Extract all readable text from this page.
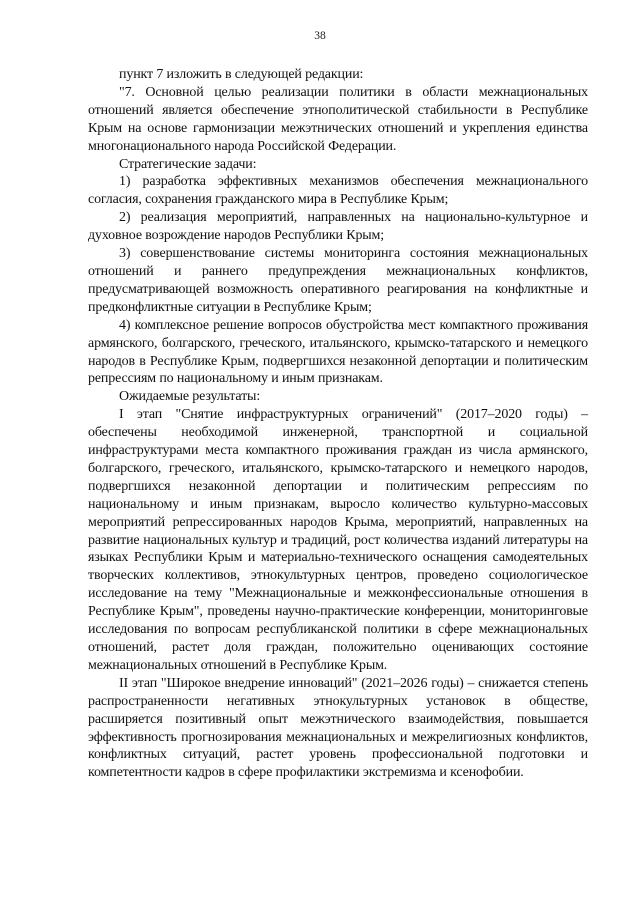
38

пункт 7 изложить в следующей редакции:

"7. Основной целью реализации политики в области межнациональных отношений является обеспечение этнополитической стабильности в Республике Крым на основе гармонизации межэтнических отношений и укрепления единства многонационального народа Российской Федерации.

Стратегические задачи:

1) разработка эффективных механизмов обеспечения межнационального согласия, сохранения гражданского мира в Республике Крым;

2) реализация мероприятий, направленных на национально-культурное и духовное возрождение народов Республики Крым;

3) совершенствование системы мониторинга состояния межнациональных отношений и раннего предупреждения межнациональных конфликтов, предусматривающей возможность оперативного реагирования на конфликтные и предконфликтные ситуации в Республике Крым;

4) комплексное решение вопросов обустройства мест компактного проживания армянского, болгарского, греческого, итальянского, крымско-татарского и немецкого народов в Республике Крым, подвергшихся незаконной депортации и политическим репрессиям по национальному и иным признакам.

Ожидаемые результаты:

I этап "Снятие инфраструктурных ограничений" (2017–2020 годы) – обеспечены необходимой инженерной, транспортной и социальной инфраструктурами места компактного проживания граждан из числа армянского, болгарского, греческого, итальянского, крымско-татарского и немецкого народов, подвергшихся незаконной депортации и политическим репрессиям по национальному и иным признакам, выросло количество культурно-массовых мероприятий репрессированных народов Крыма, мероприятий, направленных на развитие национальных культур и традиций, рост количества изданий литературы на языках Республики Крым и материально-технического оснащения самодеятельных творческих коллективов, этнокультурных центров, проведено социологическое исследование на тему "Межнациональные и межконфессиональные отношения в Республике Крым", проведены научно-практические конференции, мониторинговые исследования по вопросам республиканской политики в сфере межнациональных отношений, растет доля граждан, положительно оценивающих состояние межнациональных отношений в Республике Крым.

II этап "Широкое внедрение инноваций" (2021–2026 годы) – снижается степень распространенности негативных этнокультурных установок в обществе, расширяется позитивный опыт межэтнического взаимодействия, повышается эффективность прогнозирования межнациональных и межрелигиозных конфликтов, конфликтных ситуаций, растет уровень профессиональной подготовки и компетентности кадров в сфере профилактики экстремизма и ксенофобии.
